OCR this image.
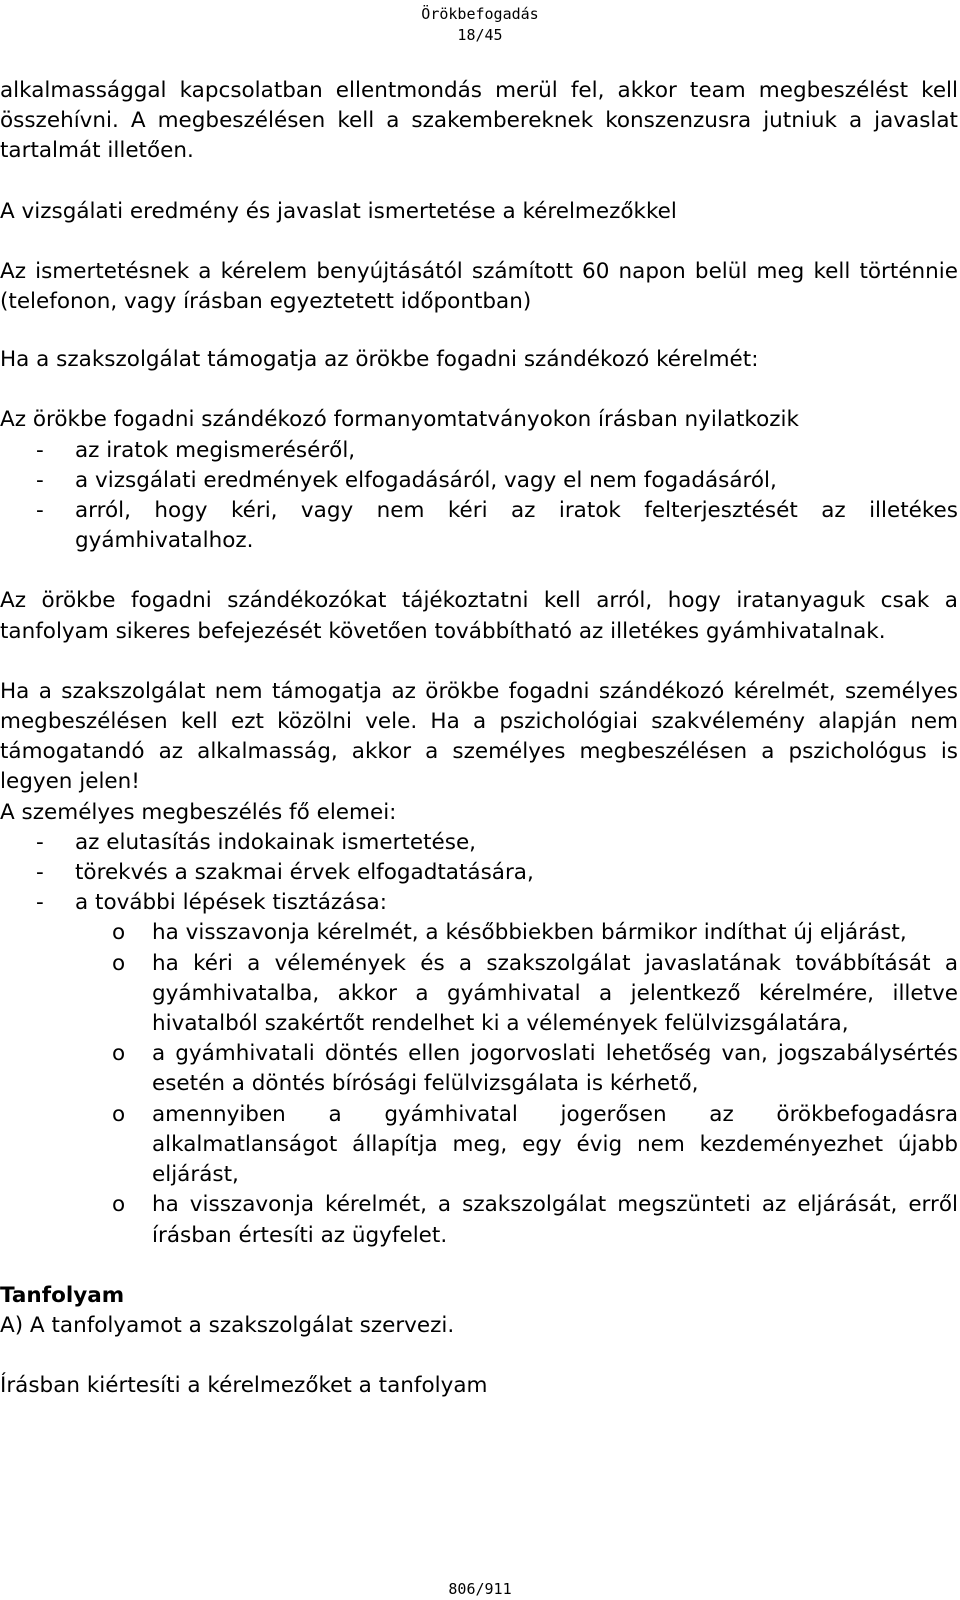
Örökbefogadás
18/45

alkalmassággal kapcsolatban ellentmondás merül fel, akkor team megbeszélést kell összehívni. A megbeszélésen kell a szakembereknek konszenzusra jutniuk a javaslat tartalmát illetően.

A vizsgálati eredmény és javaslat ismertetése a kérelmezőkkel

Az ismertetésnek a kérelem benyújtásától számított 60 napon belül meg kell történnie (telefonon, vagy írásban egyeztetett időpontban)

Ha a szakszolgálat támogatja az örökbe fogadni szándékozó kérelmét:

Az örökbe fogadni szándékozó formanyomtatványokon írásban nyilatkozik

- az iratok megismeréséről,
- a vizsgálati eredmények elfogadásáról, vagy el nem fogadásáról,
- arról, hogy kéri, vagy nem kéri az iratok felterjesztését az illetékes gyámhivatalhoz.

Az örökbe fogadni szándékozókat tájékoztatni kell arról, hogy iratanyaguk csak a tanfolyam sikeres befejezését követően továbbítható az illetékes gyámhivatalnak.

Ha a szakszolgálat nem támogatja az örökbe fogadni szándékozó kérelmét, személyes megbeszélésen kell ezt közölni vele. Ha a pszichológiai szakvélemény alapján nem támogatandó az alkalmasság, akkor a személyes megbeszélésen a pszichológus is legyen jelen!

A személyes megbeszélés fő elemei:

- az elutasítás indokainak ismertetése,
- törekvés a szakmai érvek elfogadtatására,
- a további lépések tisztázása:
o ha visszavonja kérelmét, a későbbiekben bármikor indíthat új eljárást,
o ha kéri a vélemények és a szakszolgálat javaslatának továbbítását a gyámhivatalba, akkor a gyámhivatal a jelentkező kérelmére, illetve hivatalból szakértőt rendelhet ki a vélemények felülvizsgálatára,
o a gyámhivatali döntés ellen jogorvoslati lehetőség van, jogszabálysértés esetén a döntés bírósági felülvizsgálata is kérhető,
o amennyiben a gyámhivatal jogerősen az örökbefogadásra alkalmatlanságot állapítja meg, egy évig nem kezdeményezhet újabb eljárást,
o ha visszavonja kérelmét, a szakszolgálat megszünteti az eljárását, erről írásban értesíti az ügyfelet.

Tanfolyam

A) A tanfolyamot a szakszolgálat szervezi.

Írásban kiértesíti a kérelmezőket a tanfolyam

806/911
